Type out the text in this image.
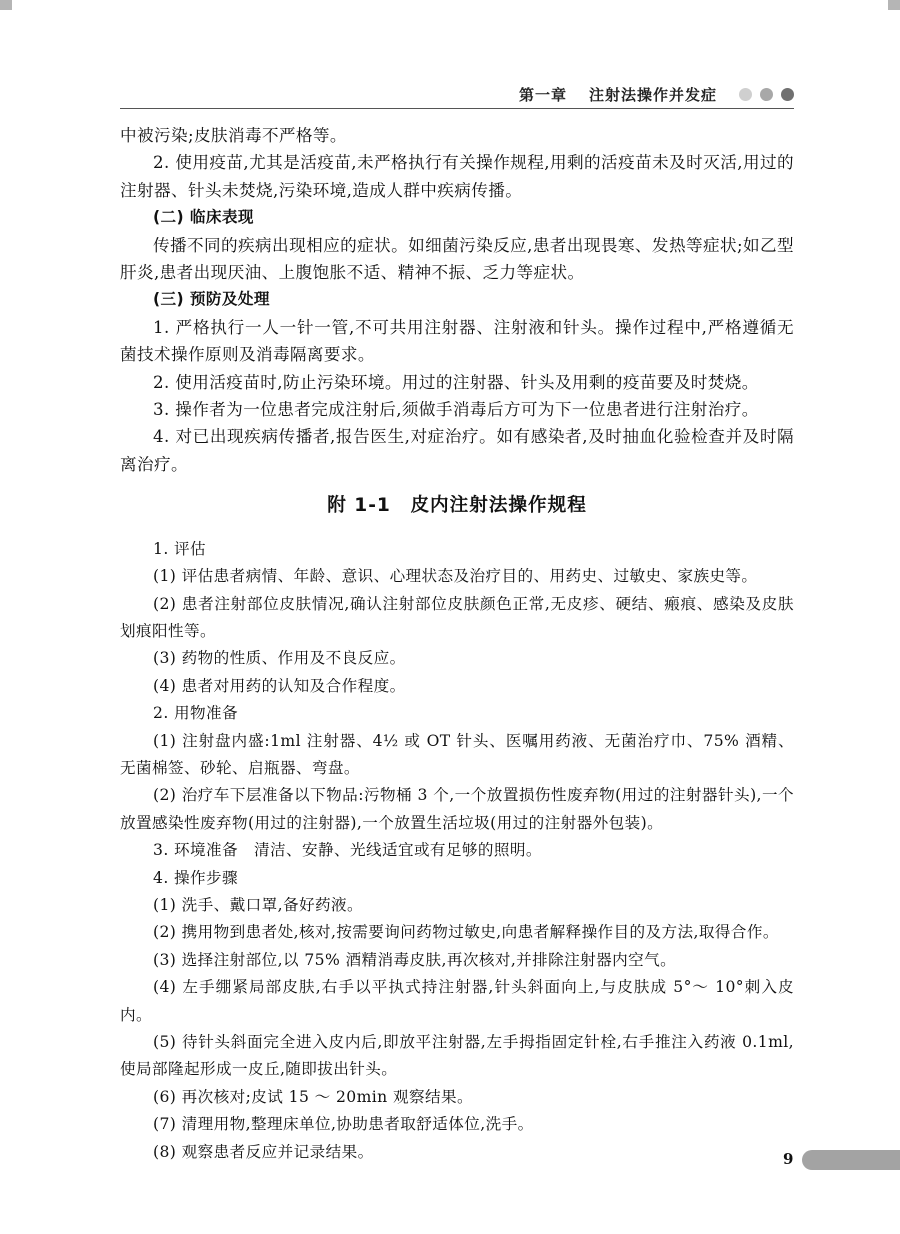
第一章 注射法操作并发症

中被污染;皮肤消毒不严格等。

2. 使用疫苗,尤其是活疫苗,未严格执行有关操作规程,用剩的活疫苗未及时灭活,用过的注射器、针头未焚烧,污染环境,造成人群中疾病传播。

(二) 临床表现

传播不同的疾病出现相应的症状。如细菌污染反应,患者出现畏寒、发热等症状;如乙型肝炎,患者出现厌油、上腹饱胀不适、精神不振、乏力等症状。

(三) 预防及处理

1. 严格执行一人一针一管,不可共用注射器、注射液和针头。操作过程中,严格遵循无菌技术操作原则及消毒隔离要求。

2. 使用活疫苗时,防止污染环境。用过的注射器、针头及用剩的疫苗要及时焚烧。

3. 操作者为一位患者完成注射后,须做手消毒后方可为下一位患者进行注射治疗。

4. 对已出现疾病传播者,报告医生,对症治疗。如有感染者,及时抽血化验检查并及时隔离治疗。

附 1-1　皮内注射法操作规程

1. 评估

(1) 评估患者病情、年龄、意识、心理状态及治疗目的、用药史、过敏史、家族史等。

(2) 患者注射部位皮肤情况,确认注射部位皮肤颜色正常,无皮疹、硬结、瘢痕、感染及皮肤划痕阳性等。

(3) 药物的性质、作用及不良反应。

(4) 患者对用药的认知及合作程度。

2. 用物准备

(1) 注射盘内盛:1ml 注射器、4½ 或 OT 针头、医嘱用药液、无菌治疗巾、75% 酒精、无菌棉签、砂轮、启瓶器、弯盘。

(2) 治疗车下层准备以下物品:污物桶 3 个,一个放置损伤性废弃物(用过的注射器针头),一个放置感染性废弃物(用过的注射器),一个放置生活垃圾(用过的注射器外包装)。

3. 环境准备　清洁、安静、光线适宜或有足够的照明。

4. 操作步骤

(1) 洗手、戴口罩,备好药液。

(2) 携用物到患者处,核对,按需要询问药物过敏史,向患者解释操作目的及方法,取得合作。

(3) 选择注射部位,以 75% 酒精消毒皮肤,再次核对,并排除注射器内空气。

(4) 左手绷紧局部皮肤,右手以平执式持注射器,针头斜面向上,与皮肤成 5°～ 10°刺入皮内。

(5) 待针头斜面完全进入皮内后,即放平注射器,左手拇指固定针栓,右手推注入药液 0.1ml,使局部隆起形成一皮丘,随即拔出针头。

(6) 再次核对;皮试 15 ～ 20min 观察结果。

(7) 清理用物,整理床单位,协助患者取舒适体位,洗手。

(8) 观察患者反应并记录结果。	9
